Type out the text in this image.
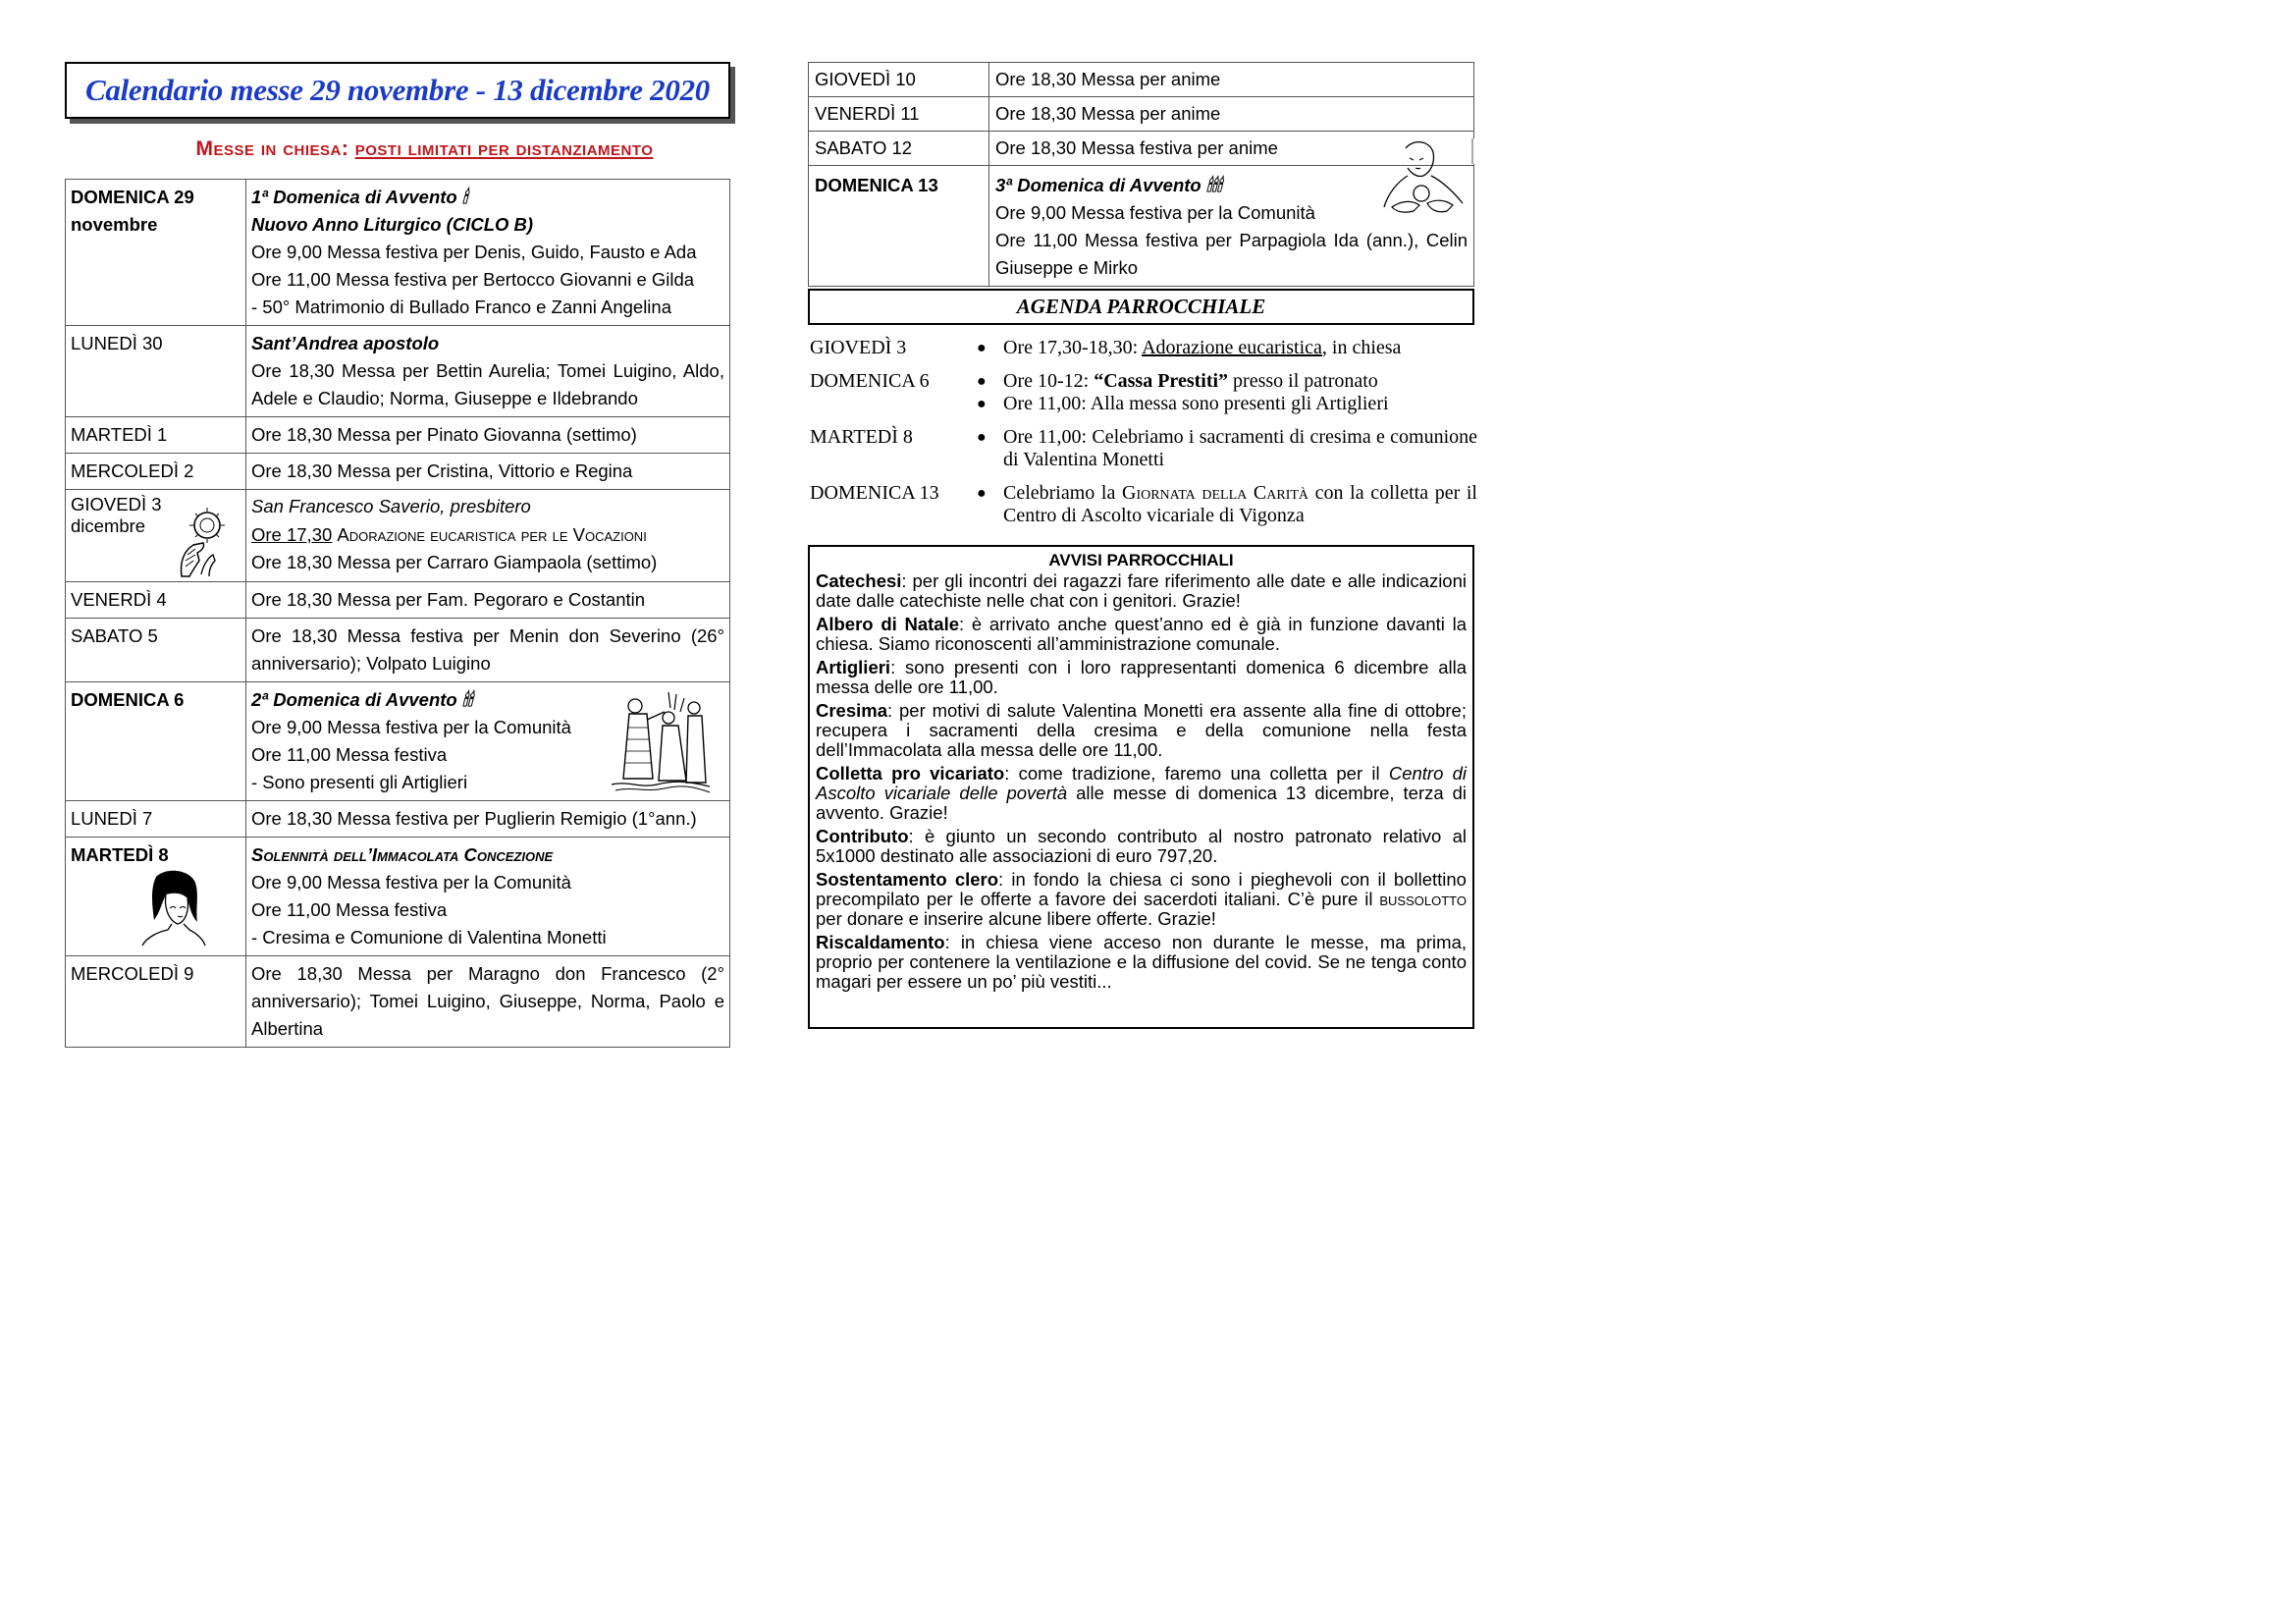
Calendario messe 29 novembre - 13 dicembre 2020
Messe in chiesa: posti limitati per distanziamento
DOMENICA 29
novembre	1ª Domenica di Avvento 🕯
Nuovo Anno Liturgico (CICLO B)
Ore 9,00 Messa festiva per Denis, Guido, Fausto e Ada
Ore 11,00 Messa festiva per Bertocco Giovanni e Gilda
- 50° Matrimonio di Bullado Franco e Zanni Angelina

LUNEDÌ 30	Sant’Andrea apostolo
Ore 18,30 Messa per Bettin Aurelia; Tomei Luigino, Aldo, Adele e Claudio; Norma, Giuseppe e Ildebrando

MARTEDÌ 1	Ore 18,30 Messa per Pinato Giovanna (settimo)
MERCOLEDÌ 2	Ore 18,30 Messa per Cristina, Vittorio e Regina

GIOVEDÌ 3
dicembre	San Francesco Saverio, presbitero
Ore 17,30 Adorazione eucaristica per le Vocazioni
Ore 18,30 Messa per Carraro Giampaola (settimo)

VENERDÌ 4	Ore 18,30 Messa per Fam. Pegoraro e Costantin
SABATO 5	Ore 18,30 Messa festiva per Menin don Severino (26° anniversario); Volpato Luigino
DOMENICA 6	2ª Domenica di Avvento 🕯🕯
Ore 9,00 Messa festiva per la Comunità
Ore 11,00 Messa festiva
- Sono presenti gli Artiglieri

LUNEDÌ 7	Ore 18,30 Messa festiva per Puglierin Remigio (1°ann.)
MARTEDÌ 8	Solennità dell’Immacolata Concezione
Ore 9,00 Messa festiva per la Comunità
Ore 11,00 Messa festiva
- Cresima e Comunione di Valentina Monetti

MERCOLEDÌ 9	Ore 18,30 Messa per Maragno don Francesco (2° anniversario); Tomei Luigino, Giuseppe, Norma, Paolo e Albertina
GIOVEDÌ 10	Ore 18,30 Messa per anime
VENERDÌ 11	Ore 18,30 Messa per anime
SABATO 12	Ore 18,30 Messa festiva per anime
DOMENICA 13	3ª Domenica di Avvento 🕯🕯🕯
Ore 9,00 Messa festiva per la Comunità
Ore 11,00 Messa festiva per Parpagiola Ida (ann.), Celin Giuseppe e Mirko
AGENDA PARROCCHIALE
GIOVEDÌ 3	● Ore 17,30-18,30: Adorazione eucaristica, in chiesa
DOMENICA 6	● Ore 10-12: “Cassa Prestiti” presso il patronato
● Ore 11,00: Alla messa sono presenti gli Artiglieri
MARTEDÌ 8	● Ore 11,00: Celebriamo i sacramenti di cresima e comunione di Valentina Monetti
DOMENICA 13	● Celebriamo la Giornata della Carità con la colletta per il Centro di Ascolto vicariale di Vigonza
AVVISI PARROCCHIALI

Catechesi: per gli incontri dei ragazzi fare riferimento alle date e alle indicazioni date dalle catechiste nelle chat con i genitori. Grazie!

Albero di Natale: è arrivato anche quest’anno ed è già in funzione davanti la chiesa. Siamo riconoscenti all’amministrazione comunale.

Artiglieri: sono presenti con i loro rappresentanti domenica 6 dicembre alla messa delle ore 11,00.

Cresima: per motivi di salute Valentina Monetti era assente alla fine di ottobre; recupera i sacramenti della cresima e della comunione nella festa dell’Immacolata alla messa delle ore 11,00.

Colletta pro vicariato: come tradizione, faremo una colletta per il Centro di Ascolto vicariale delle povertà alle messe di domenica 13 dicembre, terza di avvento. Grazie!

Contributo: è giunto un secondo contributo al nostro patronato relativo al 5x1000 destinato alle associazioni di euro 797,20.

Sostentamento clero: in fondo la chiesa ci sono i pieghevoli con il bollettino precompilato per le offerte a favore dei sacerdoti italiani. C’è pure il bussolotto per donare e inserire alcune libere offerte. Grazie!

Riscaldamento: in chiesa viene acceso non durante le messe, ma prima, proprio per contenere la ventilazione e la diffusione del covid. Se ne tenga conto magari per essere un po’ più vestiti...
